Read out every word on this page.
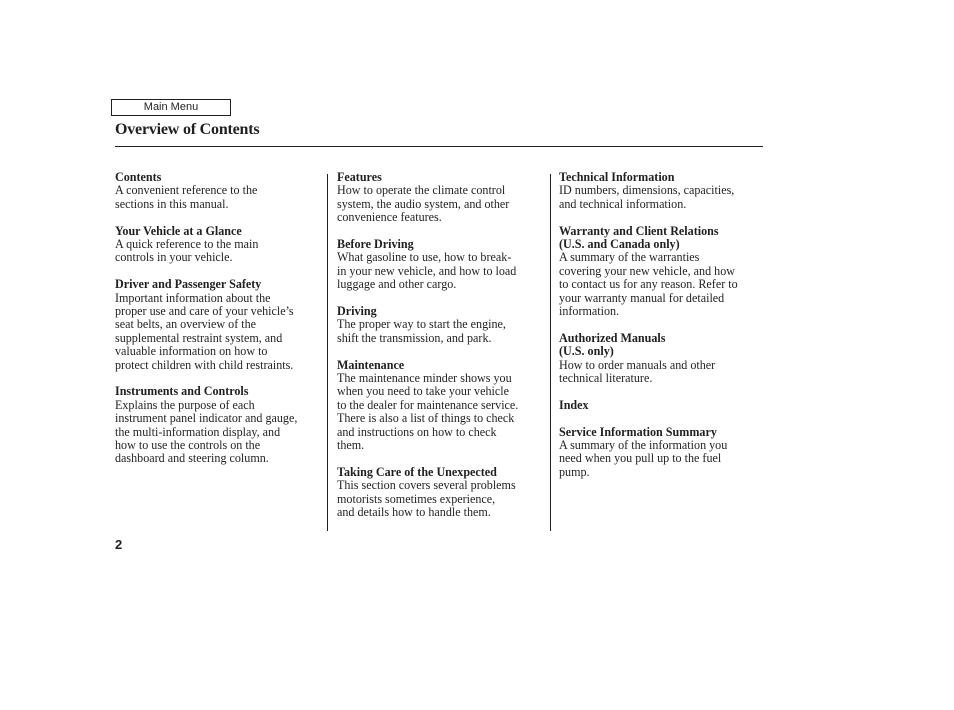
Main Menu
Overview of Contents
Contents
A convenient reference to the
sections in this manual.
Your Vehicle at a Glance
A quick reference to the main
controls in your vehicle.
Driver and Passenger Safety
Important information about the
proper use and care of your vehicle’s
seat belts, an overview of the
supplemental restraint system, and
valuable information on how to
protect children with child restraints.
Instruments and Controls
Explains the purpose of each
instrument panel indicator and gauge,
the multi-information display, and
how to use the controls on the
dashboard and steering column.
Features
How to operate the climate control
system, the audio system, and other
convenience features.
Before Driving
What gasoline to use, how to break-
in your new vehicle, and how to load
luggage and other cargo.
Driving
The proper way to start the engine,
shift the transmission, and park.
Maintenance
The maintenance minder shows you
when you need to take your vehicle
to the dealer for maintenance service.
There is also a list of things to check
and instructions on how to check
them.
Taking Care of the Unexpected
This section covers several problems
motorists sometimes experience,
and details how to handle them.
Technical Information
ID numbers, dimensions, capacities,
and technical information.
Warranty and Client Relations
(U.S. and Canada only)
A summary of the warranties
covering your new vehicle, and how
to contact us for any reason. Refer to
your warranty manual for detailed
information.
Authorized Manuals
(U.S. only)
How to order manuals and other
technical literature.
Index
Service Information Summary
A summary of the information you
need when you pull up to the fuel
pump.
2
